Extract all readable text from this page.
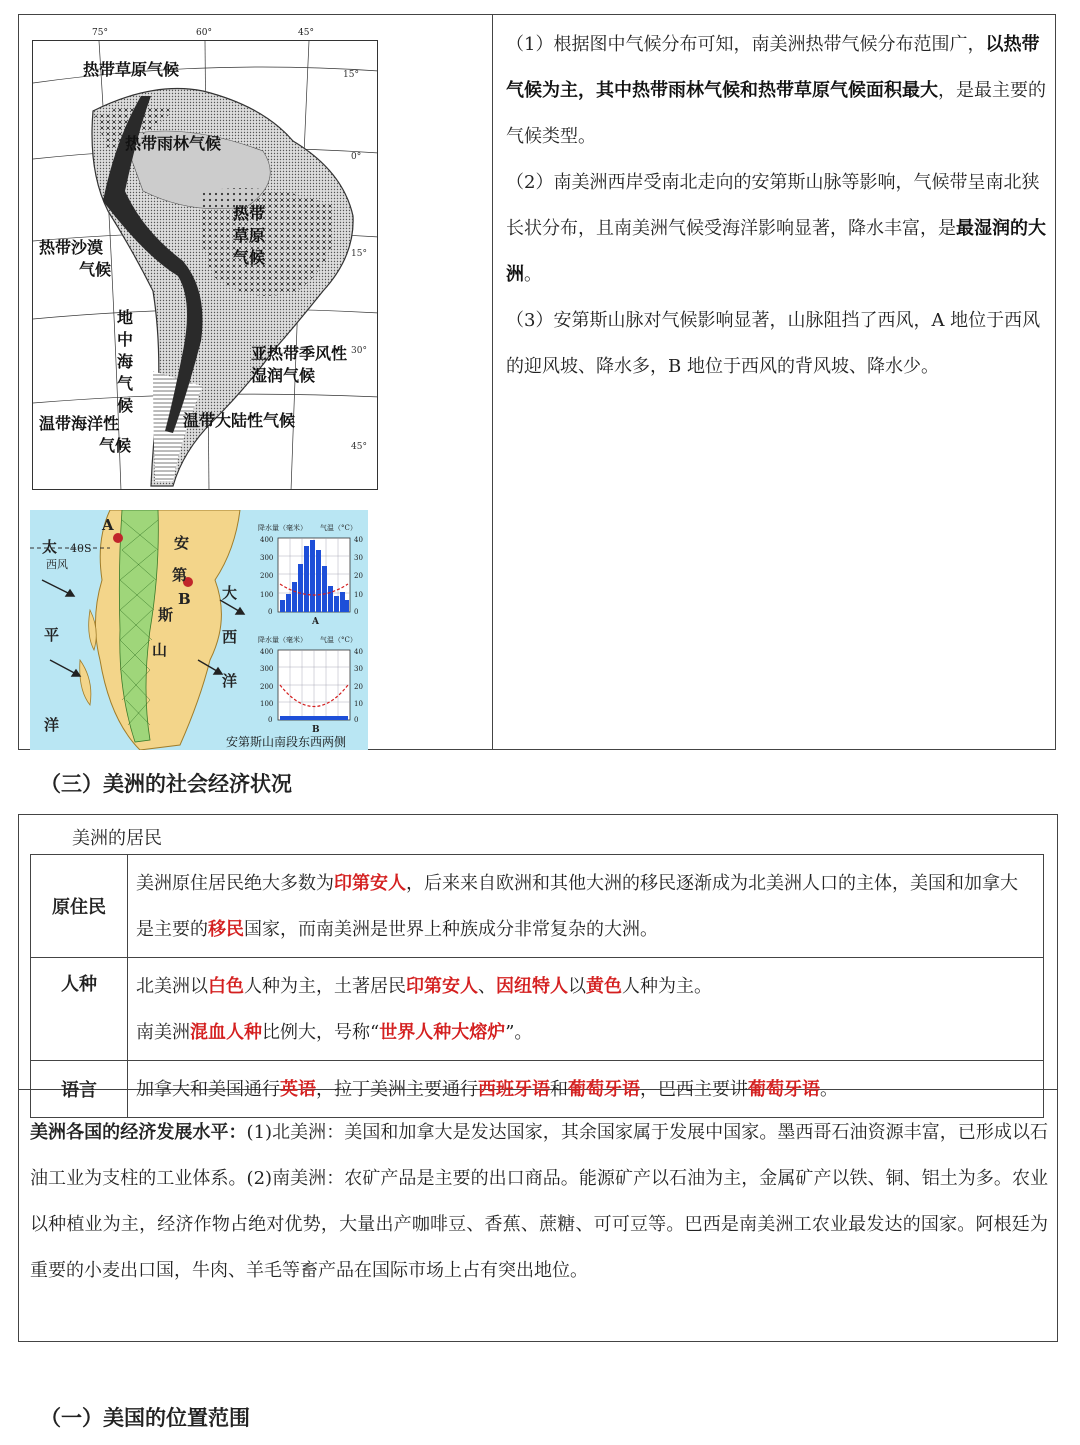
15°
0°
15°
30°
45°
热带草原气候
热带雨林气候
热带
草原
气候
热带沙漠
气候
地
中
海
气
候
亚热带季风性
湿润气候
温带海洋性
气候
温带大陆性气候
75°	60°	45°
A
B
太
平
洋
安
第
斯
山
大
西
洋
40S
西风
降水量（毫米） 气温（°C）
降水量（毫米） 气温（°C）
400
300
200
100
0
40
30
20
10
0
400
300
200
100
0
40
30
20
10
0
A
B
安第斯山南段东西两侧

（1）根据图中气候分布可知，南美洲热带气候分布范围广，以热带气候为主，其中热带雨林气候和热带草原气候面积最大，是最主要的气候类型。

（2）南美洲西岸受南北走向的安第斯山脉等影响，气候带呈南北狭长状分布，且南美洲气候受海洋影响显著，降水丰富，是最湿润的大洲。

（3）安第斯山脉对气候影响显著，山脉阻挡了西风，A 地位于西风的迎风坡、降水多，B 地位于西风的背风坡、降水少。

（三）美洲的社会经济状况
美洲的居民
原住民	美洲原住居民绝大多数为印第安人，后来来自欧洲和其他大洲的移民逐渐成为北美洲人口的主体，美国和加拿大是主要的移民国家，而南美洲是世界上种族成分非常复杂的大洲。
人种	北美洲以白色人种为主，土著居民印第安人、因纽特人以黄色人种为主。
南美洲混血人种比例大，号称“世界人种大熔炉”。

语言	加拿大和美国通行英语，拉丁美洲主要通行西班牙语和葡萄牙语，巴西主要讲葡萄牙语。
美洲各国的经济发展水平：(1)北美洲：美国和加拿大是发达国家，其余国家属于发展中国家。墨西哥石油资源丰富，已形成以石油工业为支柱的工业体系。(2)南美洲：农矿产品是主要的出口商品。能源矿产以石油为主，金属矿产以铁、铜、铝土为多。农业以种植业为主，经济作物占绝对优势，大量出产咖啡豆、香蕉、蔗糖、可可豆等。巴西是南美洲工农业最发达的国家。阿根廷为重要的小麦出口国，牛肉、羊毛等畜产品在国际市场上占有突出地位。
（一）美国的位置范围
